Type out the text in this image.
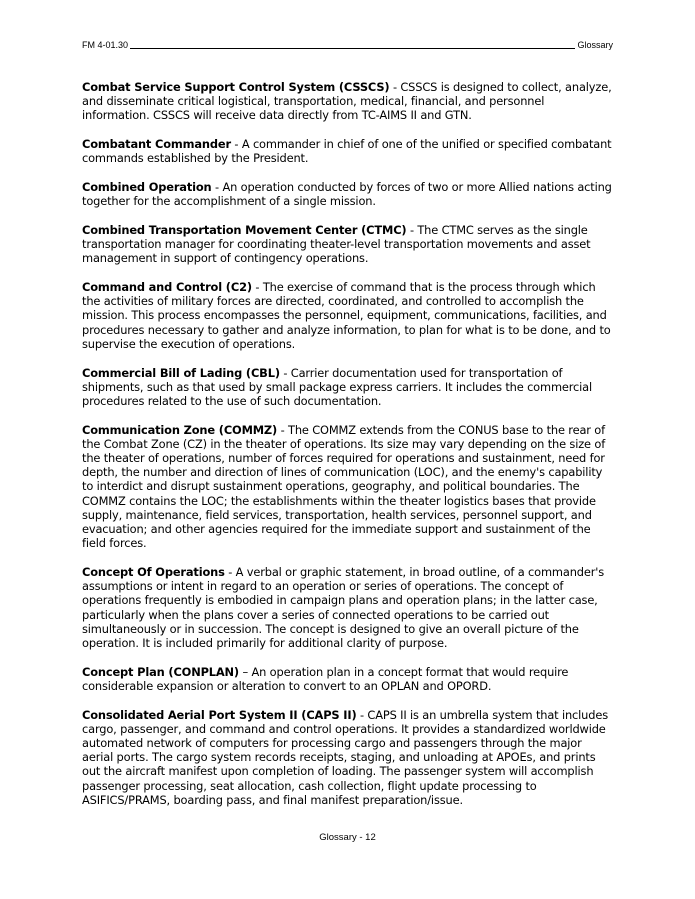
FM 4-01.30	Glossary

Combat Service Support Control System (CSSCS) - CSSCS is designed to collect, analyze, and disseminate critical logistical, transportation, medical, financial, and personnel information. CSSCS will receive data directly from TC-AIMS II and GTN.

Combatant Commander - A commander in chief of one of the unified or specified combatant commands established by the President.

Combined Operation - An operation conducted by forces of two or more Allied nations acting together for the accomplishment of a single mission.

Combined Transportation Movement Center (CTMC) - The CTMC serves as the single transportation manager for coordinating theater-level transportation movements and asset management in support of contingency operations.

Command and Control (C2) - The exercise of command that is the process through which the activities of military forces are directed, coordinated, and controlled to accomplish the mission. This process encompasses the personnel, equipment, communications, facilities, and procedures necessary to gather and analyze information, to plan for what is to be done, and to supervise the execution of operations.

Commercial Bill of Lading (CBL) - Carrier documentation used for transportation of shipments, such as that used by small package express carriers. It includes the commercial procedures related to the use of such documentation.

Communication Zone (COMMZ) - The COMMZ extends from the CONUS base to the rear of the Combat Zone (CZ) in the theater of operations. Its size may vary depending on the size of the theater of operations, number of forces required for operations and sustainment, need for depth, the number and direction of lines of communication (LOC), and the enemy's capability to interdict and disrupt sustainment operations, geography, and political boundaries. The COMMZ contains the LOC; the establishments within the theater logistics bases that provide supply, maintenance, field services, transportation, health services, personnel support, and evacuation; and other agencies required for the immediate support and sustainment of the field forces.

Concept Of Operations - A verbal or graphic statement, in broad outline, of a commander's assumptions or intent in regard to an operation or series of operations. The concept of operations frequently is embodied in campaign plans and operation plans; in the latter case, particularly when the plans cover a series of connected operations to be carried out simultaneously or in succession. The concept is designed to give an overall picture of the operation. It is included primarily for additional clarity of purpose.

Concept Plan (CONPLAN) – An operation plan in a concept format that would require considerable expansion or alteration to convert to an OPLAN and OPORD.

Consolidated Aerial Port System II (CAPS II) - CAPS II is an umbrella system that includes cargo, passenger, and command and control operations. It provides a standardized worldwide automated network of computers for processing cargo and passengers through the major aerial ports. The cargo system records receipts, staging, and unloading at APOEs, and prints out the aircraft manifest upon completion of loading. The passenger system will accomplish passenger processing, seat allocation, cash collection, flight update processing to ASIFICS/PRAMS, boarding pass, and final manifest preparation/issue.

Glossary - 12
